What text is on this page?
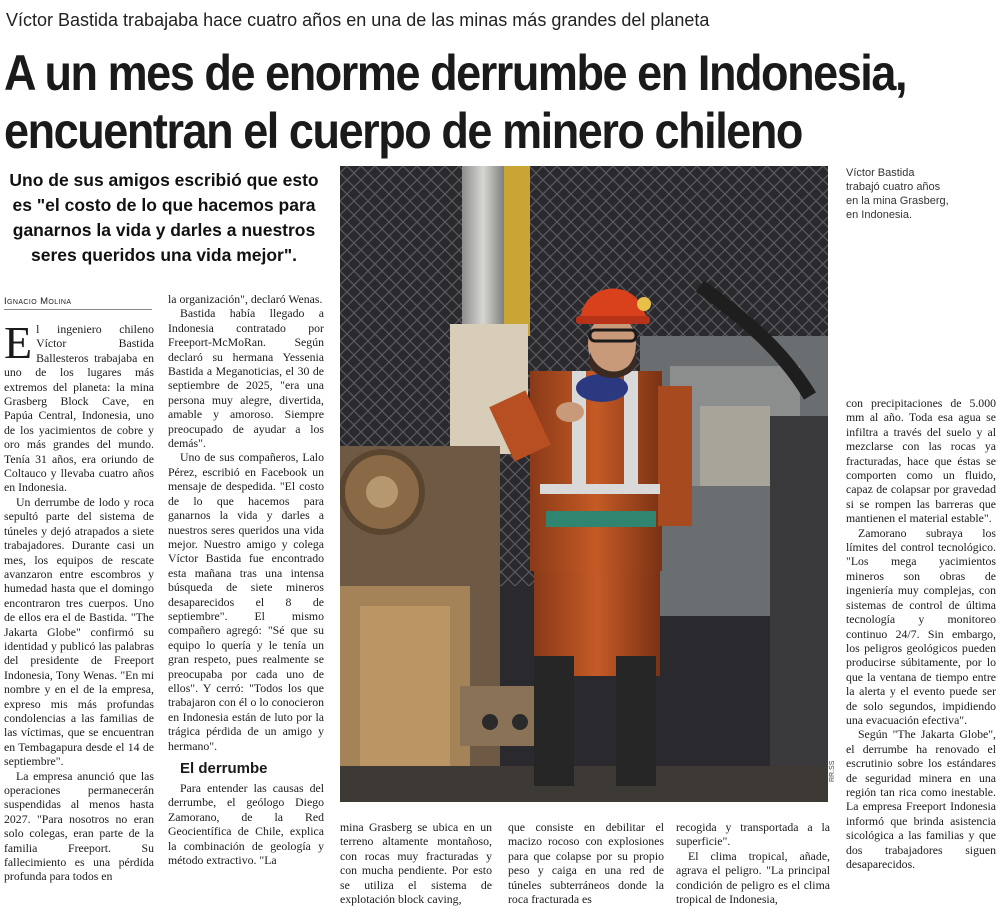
Víctor Bastida trabajaba hace cuatro años en una de las minas más grandes del planeta
A un mes de enorme derrumbe en Indonesia,
encuentran el cuerpo de minero chileno
Uno de sus amigos escribió que esto es "el costo de lo que hacemos para ganarnos la vida y darles a nuestros seres queridos una vida mejor".
Ignacio Molina

El ingeniero chileno Víctor Bastida Ballesteros trabajaba en uno de los lugares más extremos del planeta: la mina Grasberg Block Cave, en Papúa Central, Indonesia, uno de los yacimientos de cobre y oro más grandes del mundo. Tenía 31 años, era oriundo de Coltauco y llevaba cuatro años en Indonesia.

Un derrumbe de lodo y roca sepultó parte del sistema de túneles y dejó atrapados a siete trabajadores. Durante casi un mes, los equipos de rescate avanzaron entre escombros y humedad hasta que el domingo encontraron tres cuerpos. Uno de ellos era el de Bastida. "The Jakarta Globe" confirmó su identidad y publicó las palabras del presidente de Freeport Indonesia, Tony Wenas. "En mi nombre y en el de la empresa, expreso mis más profundas condolencias a las familias de las víctimas, que se encuentran en Tembagapura desde el 14 de septiembre".

La empresa anunció que las operaciones permanecerán suspendidas al menos hasta 2027. "Para nosotros no eran solo colegas, eran parte de la familia Freeport. Su fallecimiento es una pérdida profunda para todos en

la organización", declaró Wenas.

Bastida había llegado a Indonesia contratado por Freeport-McMoRan. Según declaró su hermana Yessenia Bastida a Meganoticias, el 30 de septiembre de 2025, "era una persona muy alegre, divertida, amable y amoroso. Siempre preocupado de ayudar a los demás".

Uno de sus compañeros, Lalo Pérez, escribió en Facebook un mensaje de despedida. "El costo de lo que hacemos para ganarnos la vida y darles a nuestros seres queridos una vida mejor. Nuestro amigo y colega Víctor Bastida fue encontrado esta mañana tras una intensa búsqueda de siete mineros desaparecidos el 8 de septiembre". El mismo compañero agregó: "Sé que su equipo lo quería y le tenía un gran respeto, pues realmente se preocupaba por cada uno de ellos". Y cerró: "Todos los que trabajaron con él o lo conocieron en Indonesia están de luto por la trágica pérdida de un amigo y hermano".

El derrumbe

Para entender las causas del derrumbe, el geólogo Diego Zamorano, de la Red Geocientífica de Chile, explica la combinación de geología y método extractivo. "La

Víctor Bastida
trabajó cuatro años
en la mina Grasberg,
en Indonesia.
RR.SS

mina Grasberg se ubica en un terreno altamente montañoso, con rocas muy fracturadas y con mucha pendiente. Por esto se utiliza el sistema de explotación block caving,

que consiste en debilitar el macizo rocoso con explosiones para que colapse por su propio peso y caiga en una red de túneles subterráneos donde la roca fracturada es

recogida y transportada a la superficie".

El clima tropical, añade, agrava el peligro. "La principal condición de peligro es el clima tropical de Indonesia,

con precipitaciones de 5.000 mm al año. Toda esa agua se infiltra a través del suelo y al mezclarse con las rocas ya fracturadas, hace que éstas se comporten como un fluido, capaz de colapsar por gravedad si se rompen las barreras que mantienen el material estable".

Zamorano subraya los límites del control tecnológico. "Los mega yacimientos mineros son obras de ingeniería muy complejas, con sistemas de control de última tecnología y monitoreo continuo 24/7. Sin embargo, los peligros geológicos pueden producirse súbitamente, por lo que la ventana de tiempo entre la alerta y el evento puede ser de solo segundos, impidiendo una evacuación efectiva".

Según "The Jakarta Globe", el derrumbe ha renovado el escrutinio sobre los estándares de seguridad minera en una región tan rica como inestable. La empresa Freeport Indonesia informó que brinda asistencia sicológica a las familias y que dos trabajadores siguen desaparecidos.
